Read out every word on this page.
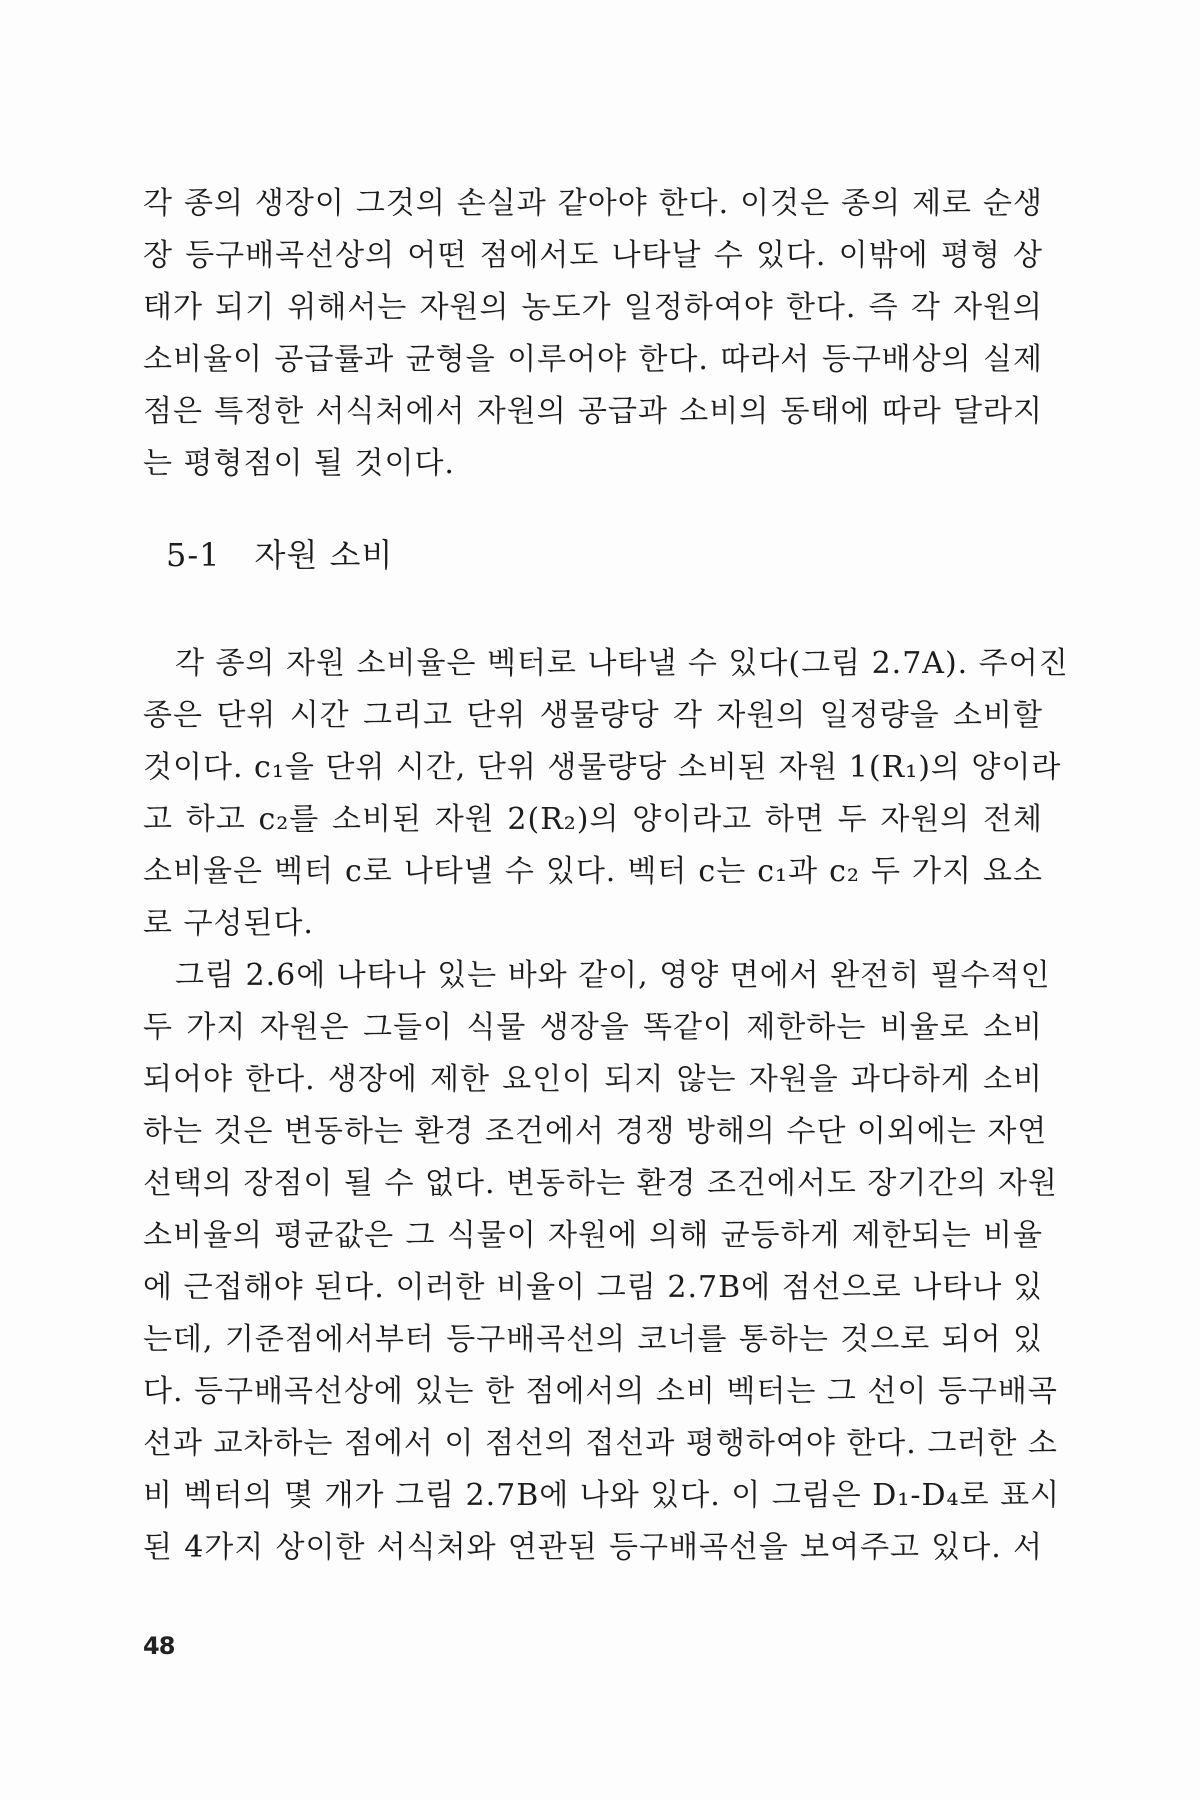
각 종의 생장이 그것의 손실과 같아야 한다. 이것은 종의 제로 순생
장 등구배곡선상의 어떤 점에서도 나타날 수 있다. 이밖에 평형 상
태가 되기 위해서는 자원의 농도가 일정하여야 한다. 즉 각 자원의
소비율이 공급률과 균형을 이루어야 한다. 따라서 등구배상의 실제
점은 특정한 서식처에서 자원의 공급과 소비의 동태에 따라 달라지
는 평형점이 될 것이다.
5-1 자원 소비
각 종의 자원 소비율은 벡터로 나타낼 수 있다(그림 2.7A). 주어진
종은 단위 시간 그리고 단위 생물량당 각 자원의 일정량을 소비할
것이다. c₁을 단위 시간, 단위 생물량당 소비된 자원 1(R₁)의 양이라
고 하고 c₂를 소비된 자원 2(R₂)의 양이라고 하면 두 자원의 전체
소비율은 벡터 c로 나타낼 수 있다. 벡터 c는 c₁과 c₂ 두 가지 요소
로 구성된다.
그림 2.6에 나타나 있는 바와 같이, 영양 면에서 완전히 필수적인
두 가지 자원은 그들이 식물 생장을 똑같이 제한하는 비율로 소비
되어야 한다. 생장에 제한 요인이 되지 않는 자원을 과다하게 소비
하는 것은 변동하는 환경 조건에서 경쟁 방해의 수단 이외에는 자연
선택의 장점이 될 수 없다. 변동하는 환경 조건에서도 장기간의 자원
소비율의 평균값은 그 식물이 자원에 의해 균등하게 제한되는 비율
에 근접해야 된다. 이러한 비율이 그림 2.7B에 점선으로 나타나 있
는데, 기준점에서부터 등구배곡선의 코너를 통하는 것으로 되어 있
다. 등구배곡선상에 있는 한 점에서의 소비 벡터는 그 선이 등구배곡
선과 교차하는 점에서 이 점선의 접선과 평행하여야 한다. 그러한 소
비 벡터의 몇 개가 그림 2.7B에 나와 있다. 이 그림은 D₁-D₄로 표시
된 4가지 상이한 서식처와 연관된 등구배곡선을 보여주고 있다. 서
48
